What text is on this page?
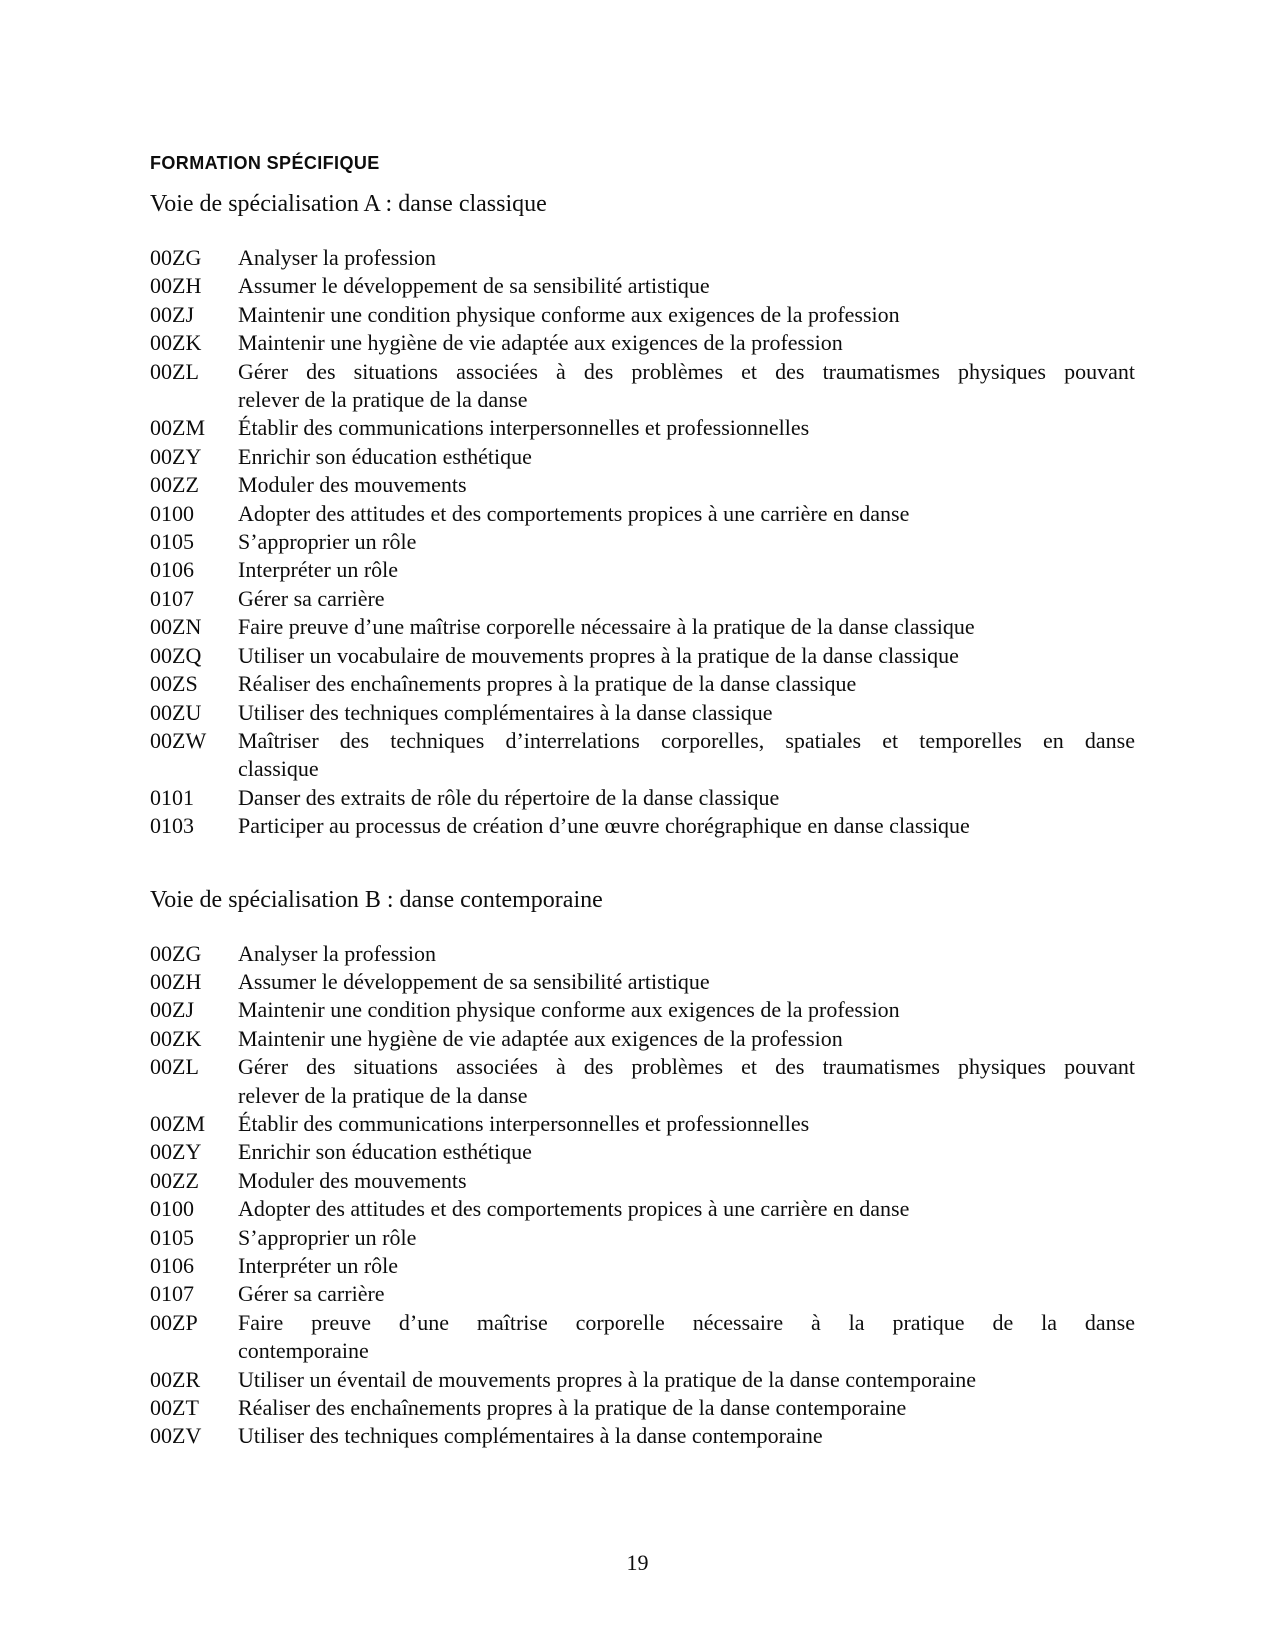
FORMATION SPÉCIFIQUE
Voie de spécialisation A : danse classique
00ZG	Analyser la profession
00ZH	Assumer le développement de sa sensibilité artistique
00ZJ	Maintenir une condition physique conforme aux exigences de la profession
00ZK	Maintenir une hygiène de vie adaptée aux exigences de la profession
00ZL	Gérer des situations associées à des problèmes et des traumatismes physiques pouvant
relever de la pratique de la danse
00ZM	Établir des communications interpersonnelles et professionnelles
00ZY	Enrichir son éducation esthétique
00ZZ	Moduler des mouvements
0100	Adopter des attitudes et des comportements propices à une carrière en danse
0105	S’approprier un rôle
0106	Interpréter un rôle
0107	Gérer sa carrière
00ZN	Faire preuve d’une maîtrise corporelle nécessaire à la pratique de la danse classique
00ZQ	Utiliser un vocabulaire de mouvements propres à la pratique de la danse classique
00ZS	Réaliser des enchaînements propres à la pratique de la danse classique
00ZU	Utiliser des techniques complémentaires à la danse classique
00ZW	Maîtriser des techniques d’interrelations corporelles, spatiales et temporelles en danse
classique
0101	Danser des extraits de rôle du répertoire de la danse classique
0103	Participer au processus de création d’une œuvre chorégraphique en danse classique
Voie de spécialisation B : danse contemporaine
00ZG	Analyser la profession
00ZH	Assumer le développement de sa sensibilité artistique
00ZJ	Maintenir une condition physique conforme aux exigences de la profession
00ZK	Maintenir une hygiène de vie adaptée aux exigences de la profession
00ZL	Gérer des situations associées à des problèmes et des traumatismes physiques pouvant
relever de la pratique de la danse
00ZM	Établir des communications interpersonnelles et professionnelles
00ZY	Enrichir son éducation esthétique
00ZZ	Moduler des mouvements
0100	Adopter des attitudes et des comportements propices à une carrière en danse
0105	S’approprier un rôle
0106	Interpréter un rôle
0107	Gérer sa carrière
00ZP	Faire preuve d’une maîtrise corporelle nécessaire à la pratique de la danse
contemporaine
00ZR	Utiliser un éventail de mouvements propres à la pratique de la danse contemporaine
00ZT	Réaliser des enchaînements propres à la pratique de la danse contemporaine
00ZV	Utiliser des techniques complémentaires à la danse contemporaine
19
